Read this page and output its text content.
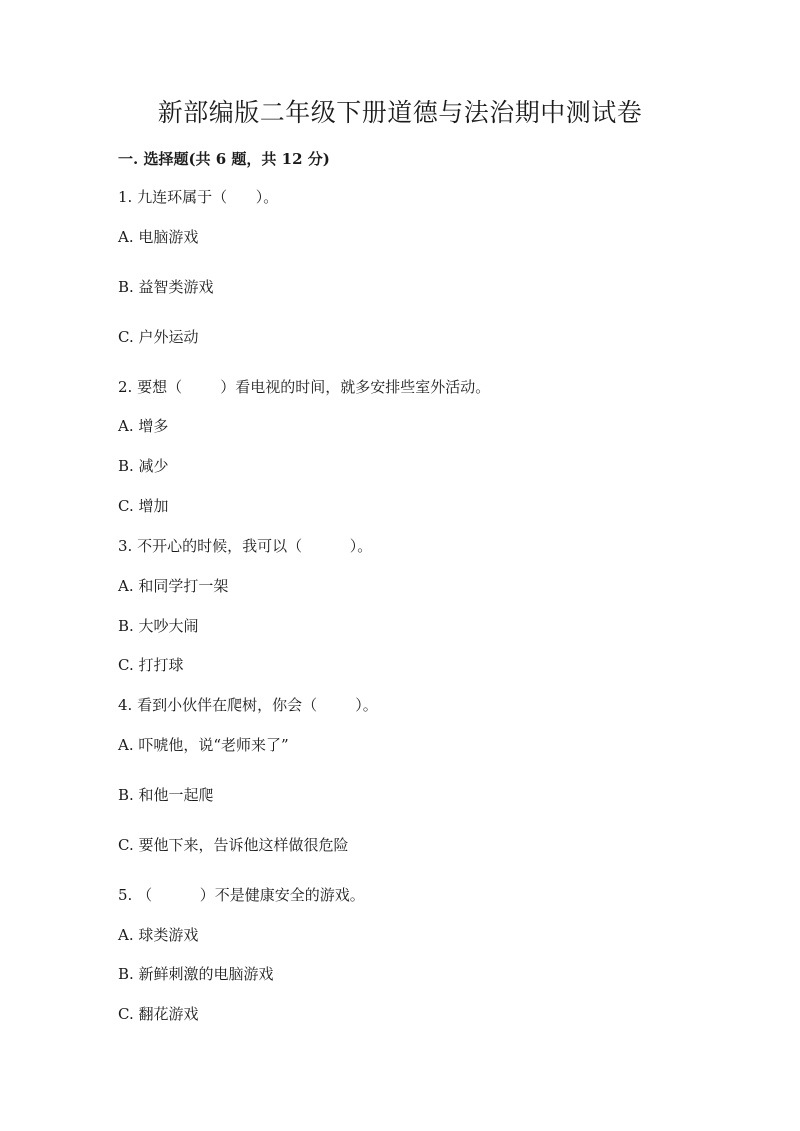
新部编版二年级下册道德与法治期中测试卷

一. 选择题(共 6 题，共 12 分)

1. 九连环属于（      ）。

A. 电脑游戏

B. 益智类游戏

C. 户外运动

2. 要想（        ）看电视的时间，就多安排些室外活动。

A. 增多

B. 减少

C. 增加

3. 不开心的时候，我可以（          ）。

A. 和同学打一架

B. 大吵大闹

C. 打打球

4. 看到小伙伴在爬树，你会（        ）。

A. 吓唬他，说“老师来了”

B. 和他一起爬

C. 要他下来，告诉他这样做很危险

5. （          ）不是健康安全的游戏。

A. 球类游戏

B. 新鲜刺激的电脑游戏

C. 翻花游戏
